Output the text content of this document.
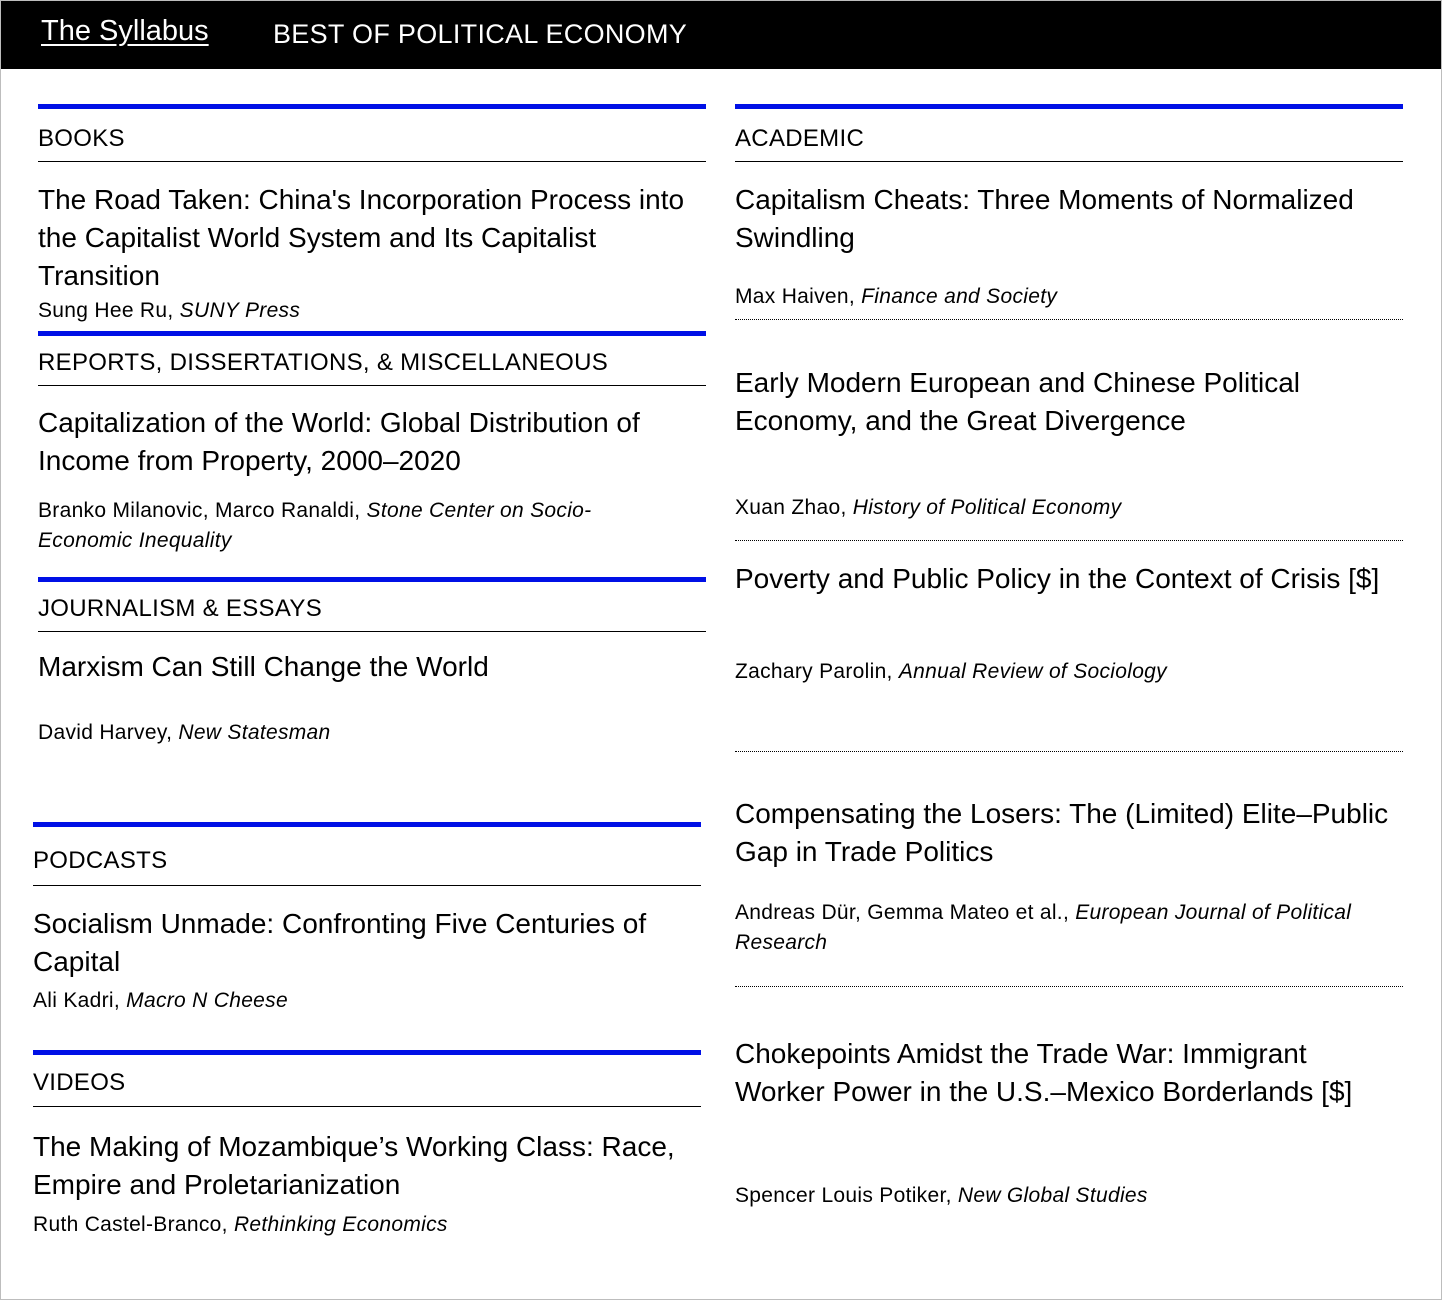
The Syllabus BEST OF POLITICAL ECONOMY
BOOKS
The Road Taken: China's Incorporation Process into the Capitalist World System and Its Capitalist Transition
Sung Hee Ru, SUNY Press
REPORTS, DISSERTATIONS, & MISCELLANEOUS
Capitalization of the World: Global Distribution of Income from Property, 2000–2020
Branko Milanovic, Marco Ranaldi, Stone Center on Socio-Economic Inequality
JOURNALISM & ESSAYS
Marxism Can Still Change the World
David Harvey, New Statesman
PODCASTS
Socialism Unmade: Confronting Five Centuries of Capital
Ali Kadri, Macro N Cheese
VIDEOS
The Making of Mozambique’s Working Class: Race, Empire and Proletarianization
Ruth Castel-Branco, Rethinking Economics
ACADEMIC
Capitalism Cheats: Three Moments of Normalized Swindling
Max Haiven, Finance and Society
Early Modern European and Chinese Political Economy, and the Great Divergence
Xuan Zhao, History of Political Economy
Poverty and Public Policy in the Context of Crisis [$]
Zachary Parolin, Annual Review of Sociology
Compensating the Losers: The (Limited) Elite–Public Gap in Trade Politics
Andreas Dür, Gemma Mateo et al., European Journal of Political Research
Chokepoints Amidst the Trade War: Immigrant Worker Power in the U.S.–Mexico Borderlands [$]
Spencer Louis Potiker, New Global Studies
